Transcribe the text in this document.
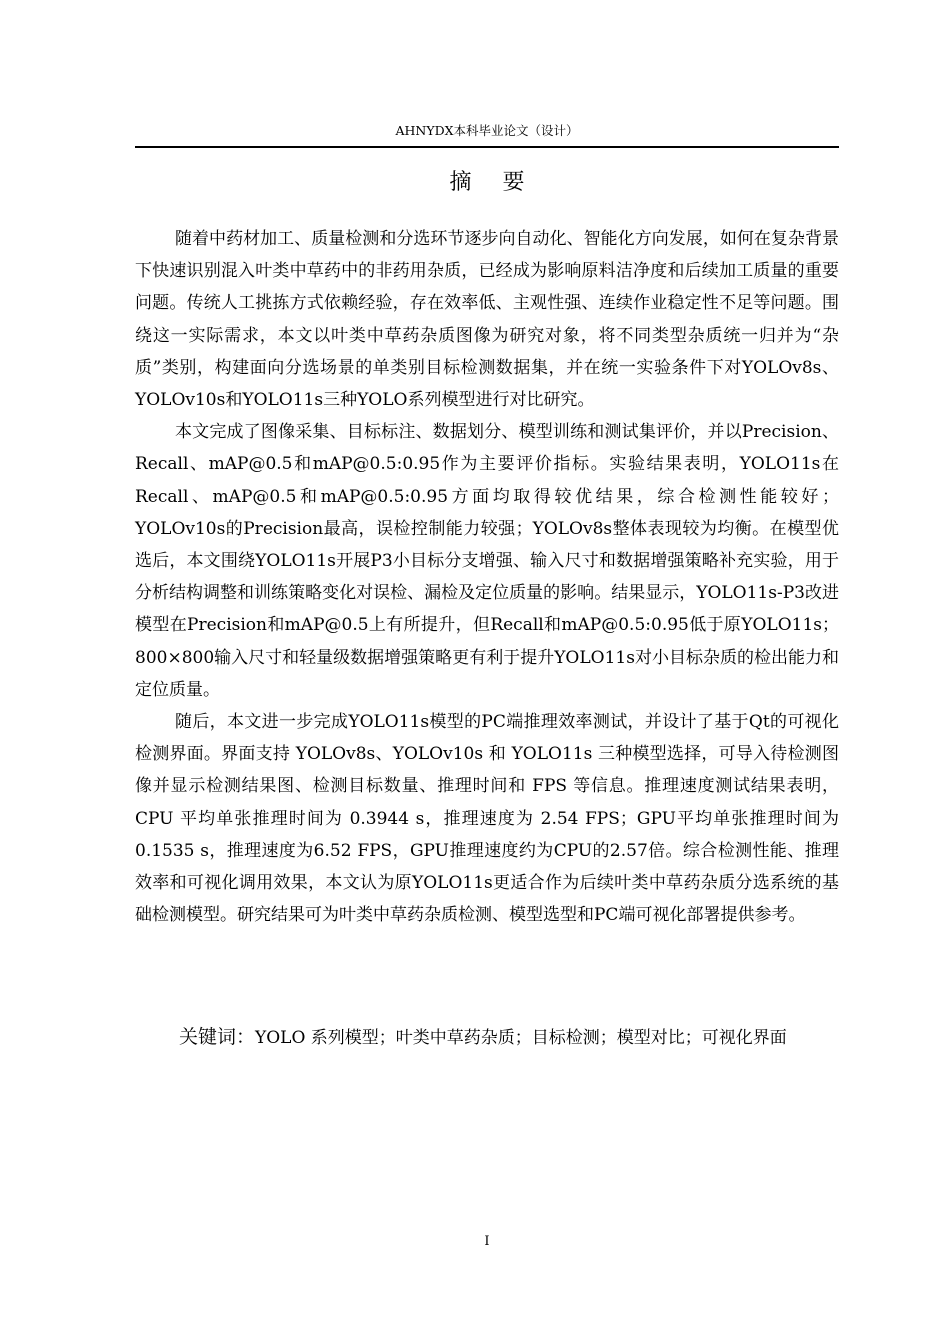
AHNYDX本科毕业论文（设计）
摘 要

随着中药材加工、质量检测和分选环节逐步向自动化、智能化方向发展，如何在复杂背景下快速识别混入叶类中草药中的非药用杂质，已经成为影响原料洁净度和后续加工质量的重要问题。传统人工挑拣方式依赖经验，存在效率低、主观性强、连续作业稳定性不足等问题。围绕这一实际需求，本文以叶类中草药杂质图像为研究对象，将不同类型杂质统一归并为“杂质”类别，构建面向分选场景的单类别目标检测数据集，并在统一实验条件下对YOLOv8s、YOLOv10s和YOLO11s三种YOLO系列模型进行对比研究。

本文完成了图像采集、目标标注、数据划分、模型训练和测试集评价，并以Precision、Recall、mAP@0.5和mAP@0.5:0.95作为主要评价指标。实验结果表明，YOLO11s在Recall、mAP@0.5和mAP@0.5:0.95方面均取得较优结果，综合检测性能较好；YOLOv10s的Precision最高，误检控制能力较强；YOLOv8s整体表现较为均衡。在模型优选后，本文围绕YOLO11s开展P3小目标分支增强、输入尺寸和数据增强策略补充实验，用于分析结构调整和训练策略变化对误检、漏检及定位质量的影响。结果显示，YOLO11s-P3改进模型在Precision和mAP@0.5上有所提升，但Recall和mAP@0.5:0.95低于原YOLO11s；800×800输入尺寸和轻量级数据增强策略更有利于提升YOLO11s对小目标杂质的检出能力和定位质量。

随后，本文进一步完成YOLO11s模型的PC端推理效率测试，并设计了基于Qt的可视化检测界面。界面支持 YOLOv8s、YOLOv10s 和 YOLO11s 三种模型选择，可导入待检测图像并显示检测结果图、检测目标数量、推理时间和 FPS 等信息。推理速度测试结果表明，CPU 平均单张推理时间为 0.3944 s，推理速度为 2.54 FPS；GPU平均单张推理时间为0.1535 s，推理速度为6.52 FPS，GPU推理速度约为CPU的2.57倍。综合检测性能、推理效率和可视化调用效果，本文认为原YOLO11s更适合作为后续叶类中草药杂质分选系统的基础检测模型。研究结果可为叶类中草药杂质检测、模型选型和PC端可视化部署提供参考。

关键词：YOLO 系列模型；叶类中草药杂质；目标检测；模型对比；可视化界面
I
